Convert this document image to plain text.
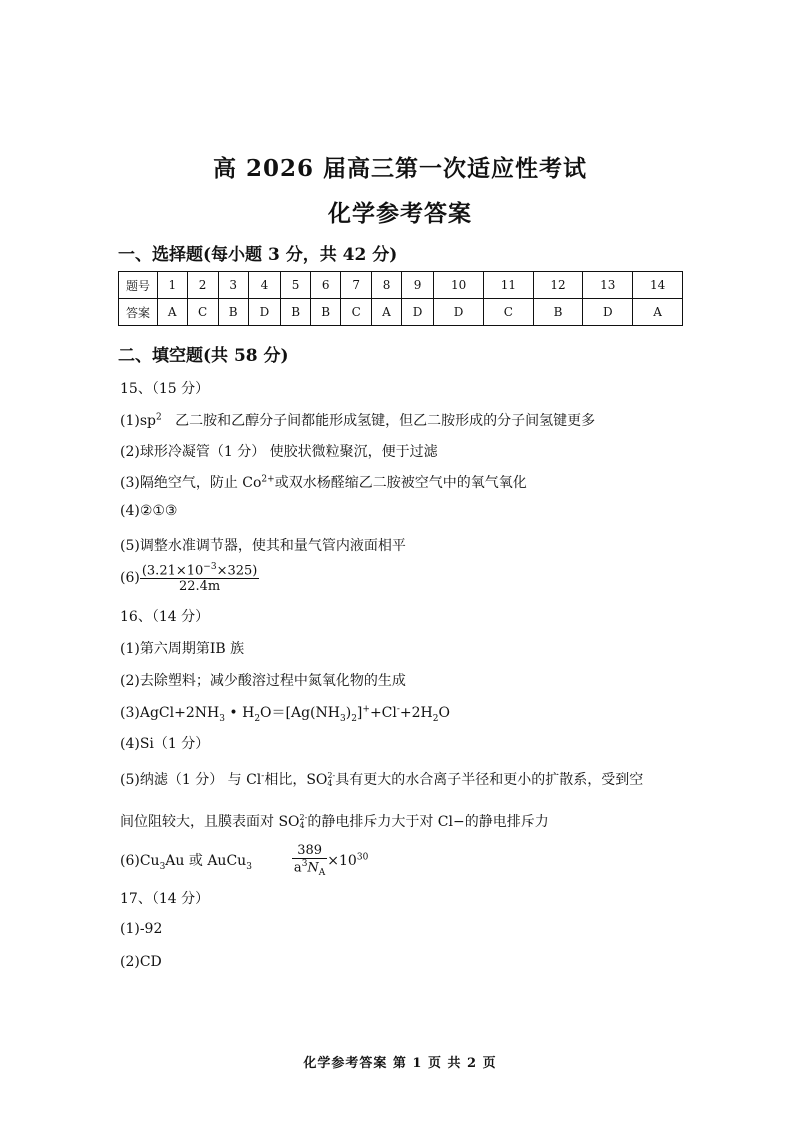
高 2026 届高三第一次适应性考试
化学参考答案
一、选择题(每小题 3 分，共 42 分)
题号	1	2	3	4	5	6	7	8	9	10	11	12	13	14
答案	A	C	B	D	B	B	C	A	D	D	C	B	D	A
二、填空题(共 58 分)
15、（15 分）
$(1)sp^2$ 乙二胺和乙醇分子间都能形成氢键，但乙二胺形成的分子间氢键更多
(2)球形冷凝管（1 分） 使胶状微粒聚沉，便于过滤
(3)隔绝空气，防止 $Co^{2+}$或双水杨醛缩乙二胺被空气中的氧气氧化
(4)②①③
(5)调整水准调节器，使其和量气管内液面相平
$(6) \frac{(3.21\times 10^{-3}\times 325)}{22.4m}$
16、（14 分）
(1)第六周期第ⅠB 族
(2)去除塑料；减少酸溶过程中氮氧化物的生成
$(3)AgCl+2NH_3$ • $H_2O=[Ag(NH_3)_2]^++Cl^-+2H_2O$
(4)Si（1 分）
(5)纳滤（1 分） 与 Cl-相比，SO2-
4 具有更大的水合离子半径和更小的扩散系，受到空
间位阻较大，且膜表面对 SO2-
4 的静电排斥力大于对 Cl−的静电排斥力
$(6)Cu_3Au$ 或 AuCu$_3$	$\frac{389}{a^3N_A} \times 10^{30}$
17、（14 分）
(1)-92
(2)CD
化学参考答案 第 1 页 共 2 页
